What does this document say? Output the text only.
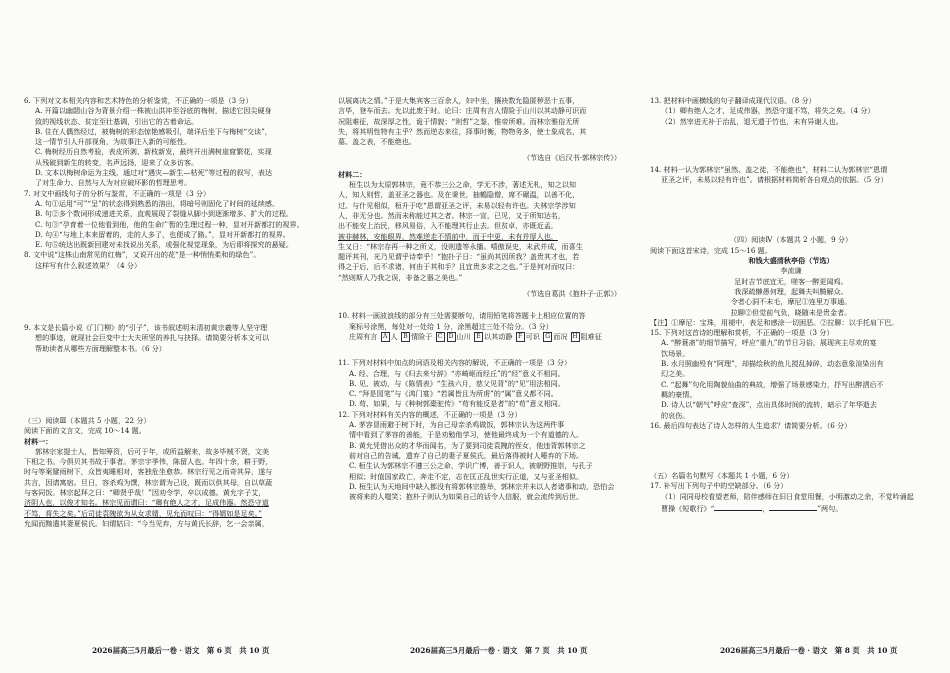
6. 下列对文本相关内容和艺术特色的分析鉴赏，不正确的一项是（3 分）

A. 开篇以幽閟山谷为背景介绍一株被山洪冲至谷底的梅树，描述它因尖硬身

致的视线状态、贫定至壮基调，引出它的古着命运。

B. 住在人偶然经过，被梅树的形态惊艳感吸引，端详后坐下与梅树“交谈”，

这一情节引人升部视角，为故事注入新的可能性。

C. 梅树经历自然考验，表皮所剥、新枝新发，最终开出满树崖窟繁花，实现

从残破到新生的转变，名声远扬，迎来了众多访客。

D. 文本以梅树命运为主线，通过对“遇灾—新生—枯死”等过程的叙写，表达

了对生命力、自然与人为对应破坏影的哲理思考。

7. 对文中画线句子的分析与鉴赏，不正确的一项是（3 分）

A. 句①运用“可”“呈”的状态得到熟悉的溶出，将暗号则固化了时间的延续感。

B. 句②多个数词形成递进关系，直观展现了裂缝从脚小到逐渐增多、扩大的过程。

C. 句③“孕育着一位他看到他，他的生命广暂的生理过程一种，显对开新都打的视界。

D. 句④“与地上本来留着的，走的人多了，也便成了路。”，显对开新都打的视界。

E. 句⑤统达出既新回建对未找说出关系，或强化视觉现象，为后即将探究的悬疑。

8. 文中说“这株山南常见的红梅”，又说开出的花“是一种悄悄柔和的绿色”。

这样写有什么叙述效果？（4 分）

9. 本文是长篇小说《门门柳》的“引子”，该书叙述明末清初黄宗羲等人坚守理

想的事迹，就现社会巨变中士大夫所坚的养扎与抉择。请简要分析本文可以

帮助读者从哪些方面理解整本书。（6 分）

（三）阅读Ⅲ（本题共 5 小题，22 分）

阅读下面的文言文，完成 10～14 题。

材料一：

郭林宗家提士人，皆知筹资，后可于年，或所益解来，故多毕贼不贤，文美

下相之书。今俱贝其书故于事者。茅宗宇季伟，陈留人也。年四十余，耕于野，

时与等案避雨树下，众皆夷睡相对，客独危坐愈恭。林宗行见之而奇其异，遂与

共言，因请寓宿。旦日，容杀鸡为馔，林宗谓为己设，既而以供其母，自以草蔬

与客同饭。林宗起拜之曰：“卿贤乎哉！”因劝令学，卒以成德。黄允字子艾，

济阴人也，以俊才知名。林宗见而谓曰：“卿有绝人之才，足成伟器。然恐守道

不笃，将失之矣。”后司徒袁隗欲为从女求婿，见允而叹曰：“得婿如是足矣。”

允闻而黜遣其妻夏侯氏。妇谓姑曰：“今当见弃，方与黄氏长辞，乞一会亲属，

以展离决之情。”于是大集宾客三百余人，妇中坐，攘袂数允隐匿秽恶十五事，

言毕，登车而去。允以此废于时。论曰：庄周有言人情险于山川以其动静可识而

况阻难征，故深厚之性，诡于情貌；“则哲”之鉴，惟帝所难。而林宗雅俗无所

失，将其明性特有主乎？然而逆志来往，择事时衡，物物务多，使士象成名，其

墓、盖之表，不能绝也。

（节选自《后汉书·郭林宗传》）

材料二：

桓生以为太原郭林宗，竟不恭三公之命，学无不涉，著述无札，知之以知

人，知人则哲，盖亚圣之器也。及在秉世，抽鶴隐僧，席不碾温，以善不化，

过、与什见相似，桓升于吃“恩谓亚圣之评，未易以轻有许也。夫林宗学涉知

人，非无分也。然而未称能过其之者。林宗一宣，已见，又于所知达名，

出不能安上治民，移风易俗，入不能理其行止去。但贫卓，亦既近孟，

被非赫林，安能眼界，然难逆走不情前中，而于中更，未有并厚人也，

生又日：“林宗存再一种之所义，没则遗等永播。嘻傲误史，未武并成，而喜生

题评其刊，光乃见谓乎诗奉乎！“抱扑子日：“虽尚其因所我？盖贵其才也，若

得之于后，后不求诸，何由于其和手？且宜贵多求之之也。”于是何对而叹曰：

“然则斯人乃我之误，非备之器之美也。”

（节选自葛洪《抱朴子·正郭》）

10. 材料一画波浪线的部分有三处需要断句，请用铅笔将答题卡上相应位置的答

案标号涂黑，每处对一处给 1 分，涂黑超过三处不给分。（3 分）

庄周有言 A 人 B 情险于 C D 山川 E 以其动静 F 可识 G 而况 H 阻难征

11. 下列对材料中加点的词语及相关内容的解说，不正确的一项是（3 分）

A. 经、合理，与《归去来兮辞》“亦崎岖而经丘”的“经”意义不相同。

B. 见、被动，与《陈情表》“生孩六月，慈父见背”的“见”用法相同。

C. “拜是园笔”与《鸿门宴》“若属皆且为所虏”的“属”意义都不同。

D. 苟、如果，与《种树郭橐驼传》“苟有能反是者”的“苟”意义相同。

12. 下列对材料有关内容的概述，不正确的一项是（3 分）

A. 茅容冒雨避于树下时，为自己母亲杀鸡做饭，郭林宗认为这两件事

情中看到了茅容的善能，于是劝勉他学习，使他最终成为一个有道德的人。

B. 黄允凭借出众的才华而闻名，为了要到司徒袁隗的侄女，他违背郭林宗之

前对自己的告诫，遗弃了自己的妻子夏侯氏，最后落得被时人唾弃的下场。

C. 桓生认为郭林宗不遵三公之命，学识广博，善于识人，被朝野推崇，与孔子

相似；时值国家政亡，奔走不定，志在匡正乱世实行正道，又与亚圣相似。

D. 桓生认为天地间中缺入都没有将郭林宗推举，郭林宗并未以人者诸事和动，恐怕会

被将来的人嗤笑；抱朴子则认为如果自己的话令人信服，就会流传到后世。

13. 把材料中画横线的句子翻译成现代汉语。（8 分）

（1）卿有绝人之才，足成伟器，然恐守道不笃，将失之矣。（4 分）

（2）然宰进无补于治乱，退无遗于竹也，未有异谢人也。

14. 材料一认为郭林宗“虽然、盖之徒，不能绝也”，材料二认为郭林宗“恩谓

亚圣之评，未易以轻有许也”。请根据材料简析各自观点的依据。（5 分）

（四）阅读Ⅳ（本题共 2 小题，9 分）

阅读下面这首宋诗，完成 15～16 题。

和钱大盛清秋亭俗（节选）

李流谦

足时吉节底宜无，嗟客一醉更闻鸡。

我深疏懒愚何理，起舞夫叫騎解众。

令者心洞不未毛，摩尼①连里万事通。

拉聊②但觉前气负，晓随未是贵金者。

【注】①摩尼：宝珠，用褪中，表足和感涂一切困恶。②拉聊：以手托肩下巴。

15. 下列对这首诗的理解和赏析，不正确的一项是（3 分）

A. “醉蓑斋”的细节描写，呼应“重九”的节日习俗，展现宾主尽欢的宴

饮场景。

B. 水月照幽殁有“阿理”，却描绘秋的鱼儿搅乱掉碎，动态意象渲染出有

幻之美。

C. “起舞”句化用陶貌仙曲的典故，增强了场景感染力，抒写出醉洒后不

羁的豪情。

D. 诗人以“朝气”呼应“查深”，点出具体时间的流转，暗示了年华逝去

的哀伤。

16. 最后四句表达了诗人怎样的人生追求？请简要分析。（6 分）

（五）名篇名句默写（本题共 1 小题，6 分）

17. 补写出下列句子中的空缺部分。（6 分）

（1）同同母校看望老师，陪伴感师在旧日食堂用餐，小明激动之余，不觉吟诵起

曹操《短歌行》“	，	”两句。

2026届高三5月最后一卷 · 语文　第 6 页　共 10 页	2026届高三5月最后一卷 · 语文　第 7 页　共 10 页	2026届高三5月最后一卷 · 语文　第 8 页　共 10 页
